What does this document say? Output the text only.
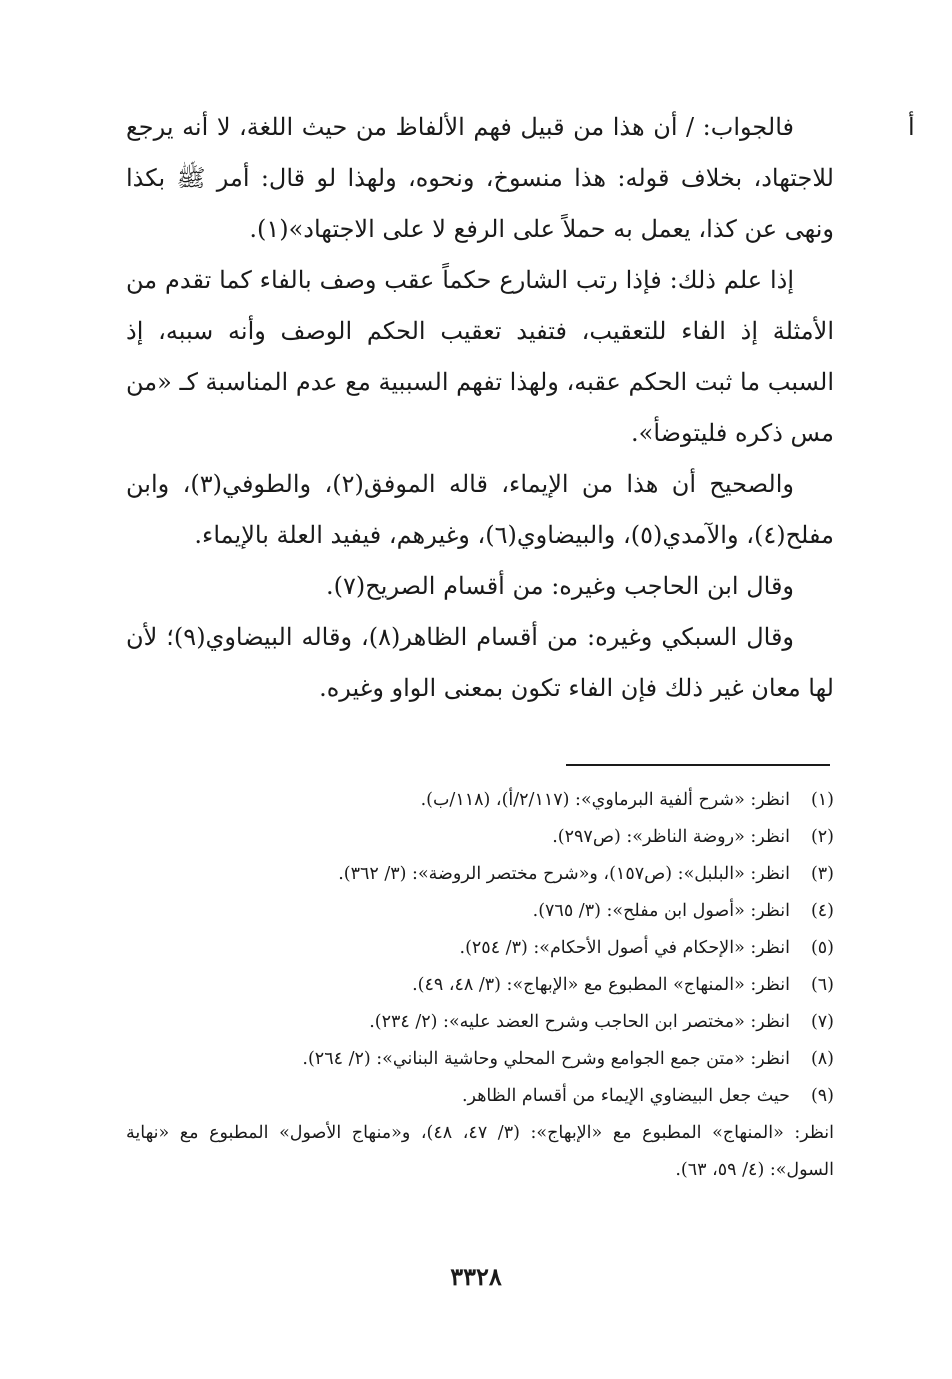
أ

فالجواب: / أن هذا من قبيل فهم الألفاظ من حيث اللغة، لا أنه يرجع للاجتهاد، بخلاف قوله: هذا منسوخ، ونحوه، ولهذا لو قال: أمر ﷺ بكذا ونهى عن كذا، يعمل به حملاً على الرفع لا على الاجتهاد»(١).

إذا علم ذلك: فإذا رتب الشارع حكماً عقب وصف بالفاء كما تقدم من الأمثلة إذ الفاء للتعقيب، فتفيد تعقيب الحكم الوصف وأنه سببه، إذ السبب ما ثبت الحكم عقبه، ولهذا تفهم السببية مع عدم المناسبة كـ «من مس ذكره فليتوضأ».

والصحيح أن هذا من الإيماء، قاله الموفق(٢)، والطوفي(٣)، وابن مفلح(٤)، والآمدي(٥)، والبيضاوي(٦)، وغيرهم، فيفيد العلة بالإيماء.

وقال ابن الحاجب وغيره: من أقسام الصريح(٧).

وقال السبكي وغيره: من أقسام الظاهر(٨)، وقاله البيضاوي(٩)؛ لأن لها معان غير ذلك فإن الفاء تكون بمعنى الواو وغيره.

(١)
انظر: «شرح ألفية البرماوي»: (٢/١١٧/أ)، (١١٨/ب).
(٢)
انظر: «روضة الناظر»: (ص٢٩٧).
(٣)
انظر: «البلبل»: (ص١٥٧)، و«شرح مختصر الروضة»: (٣/ ٣٦٢).
(٤)
انظر: «أصول ابن مفلح»: (٣/ ٧٦٥).
(٥)
انظر: «الإحكام في أصول الأحكام»: (٣/ ٢٥٤).
(٦)
انظر: «المنهاج» المطبوع مع «الإبهاج»: (٣/ ٤٨، ٤٩).
(٧)
انظر: «مختصر ابن الحاجب وشرح العضد عليه»: (٢/ ٢٣٤).
(٨)
انظر: «متن جمع الجوامع وشرح المحلي وحاشية البناني»: (٢/ ٢٦٤).
(٩)
حيث جعل البيضاوي الإيماء من أقسام الظاهر.
انظر: «المنهاج» المطبوع مع «الإبهاج»: (٣/ ٤٧، ٤٨)، و«منهاج الأصول» المطبوع مع «نهاية السول»: (٤/ ٥٩، ٦٣).
٣٣٢٨
